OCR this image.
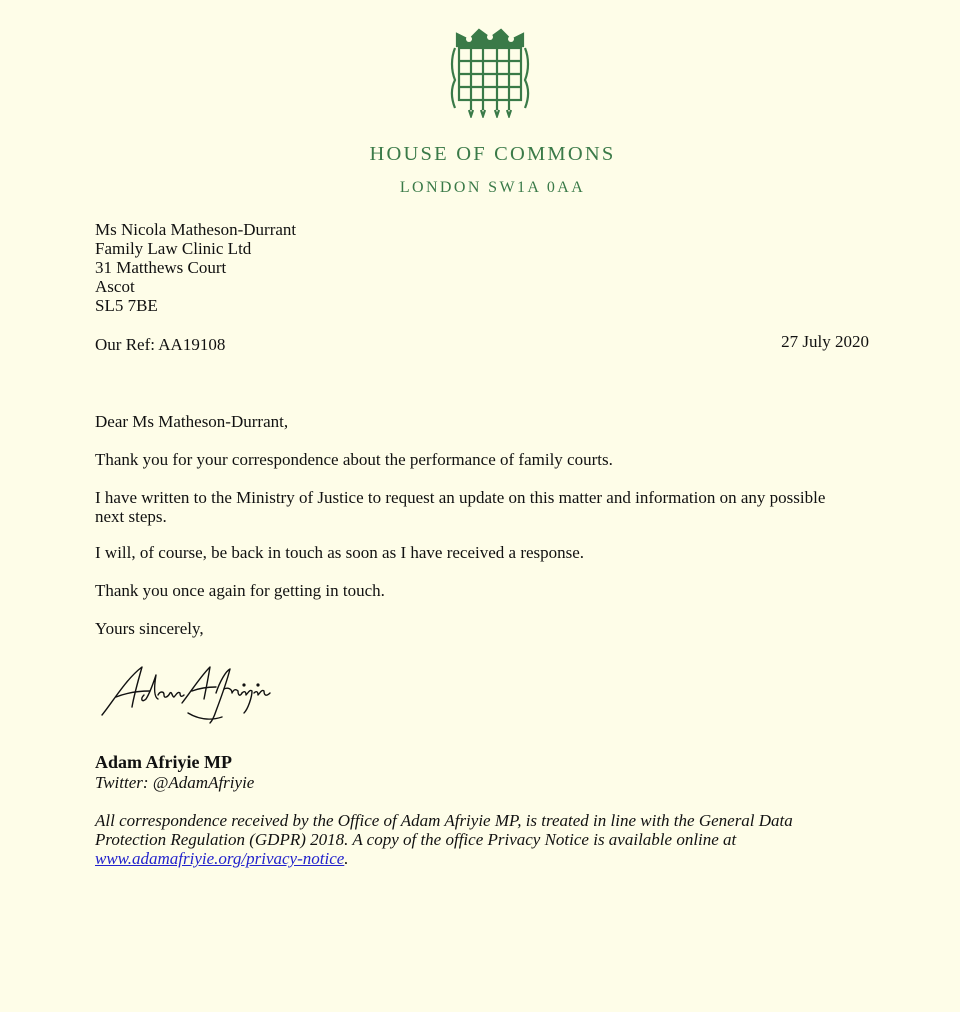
HOUSE OF COMMONS
LONDON SW1A 0AA
Ms Nicola Matheson-Durrant
Family Law Clinic Ltd
31 Matthews Court
Ascot
SL5 7BE
Our Ref: AA19108	27 July 2020
Dear Ms Matheson-Durrant,
Thank you for your correspondence about the performance of family courts.
I have written to the Ministry of Justice to request an update on this matter and information on any possible next steps.
I will, of course, be back in touch as soon as I have received a response.
Thank you once again for getting in touch.
Yours sincerely,
Adam Afriyie MP
Twitter: @AdamAfriyie
All correspondence received by the Office of Adam Afriyie MP, is treated in line with the General Data Protection Regulation (GDPR) 2018. A copy of the office Privacy Notice is available online at www.adamafriyie.org/privacy-notice.
